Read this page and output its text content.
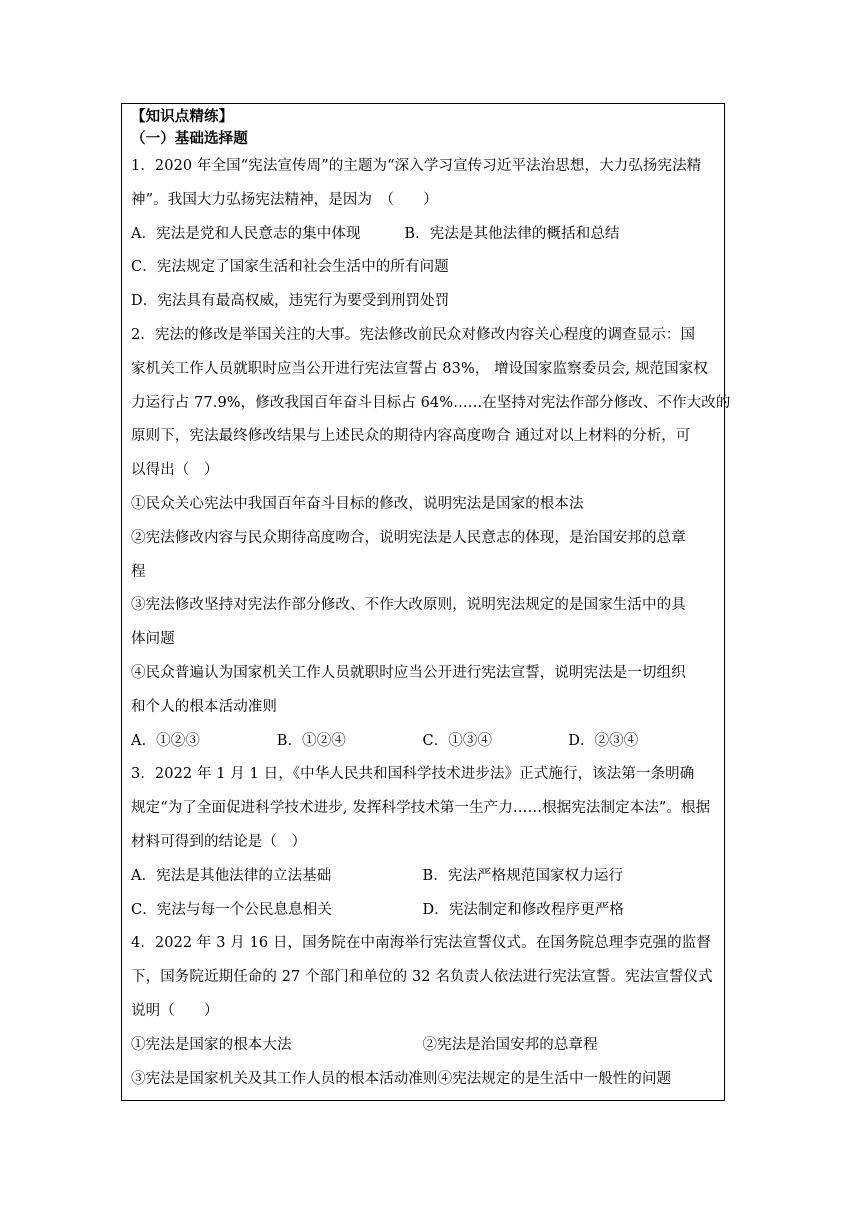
【知识点精练】
（一）基础选择题
1．2020 年全国“宪法宣传周”的主题为“深入学习宣传习近平法治思想，大力弘扬宪法精
神”。我国大力弘扬宪法精神，是因为　（　　）
A．宪法是党和人民意志的集中体现　　　B．宪法是其他法律的概括和总结
C．宪法规定了国家生活和社会生活中的所有问题
D．宪法具有最高权威，违宪行为要受到刑罚处罚
2．宪法的修改是举国关注的大事。宪法修改前民众对修改内容关心程度的调查显示：国
家机关工作人员就职时应当公开进行宪法宣誓占 83%， 增设国家监察委员会, 规范国家权
力运行占 77.9%，修改我国百年奋斗目标占 64%……在坚持对宪法作部分修改、不作大改的
原则下，宪法最终修改结果与上述民众的期待内容高度吻合 通过对以上材料的分析，可
以得出（　）
①民众关心宪法中我国百年奋斗目标的修改，说明宪法是国家的根本法
②宪法修改内容与民众期待高度吻合，说明宪法是人民意志的体现，是治国安邦的总章
程
③宪法修改坚持对宪法作部分修改、不作大改原则，说明宪法规定的是国家生活中的具
体问题
④民众普遍认为国家机关工作人员就职时应当公开进行宪法宣誓，说明宪法是一切组织
和个人的根本活动准则
A．①②③	B．①②④	C．①③④	D．②③④
3．2022 年 1 月 1 日，《中华人民共和国科学技术进步法》正式施行，该法第一条明确
规定“为了全面促进科学技术进步, 发挥科学技术第一生产力……根据宪法制定本法”。根据
材料可得到的结论是（　）
A．宪法是其他法律的立法基础	B．宪法严格规范国家权力运行
C．宪法与每一个公民息息相关	D．宪法制定和修改程序更严格
4．2022 年 3 月 16 日，国务院在中南海举行宪法宣誓仪式。在国务院总理李克强的监督
下，国务院近期任命的 27 个部门和单位的 32 名负责人依法进行宪法宣誓。宪法宣誓仪式
说明（　　）
①宪法是国家的根本大法	②宪法是治国安邦的总章程
③宪法是国家机关及其工作人员的根本活动准则 ④宪法规定的是生活中一般性的问题
